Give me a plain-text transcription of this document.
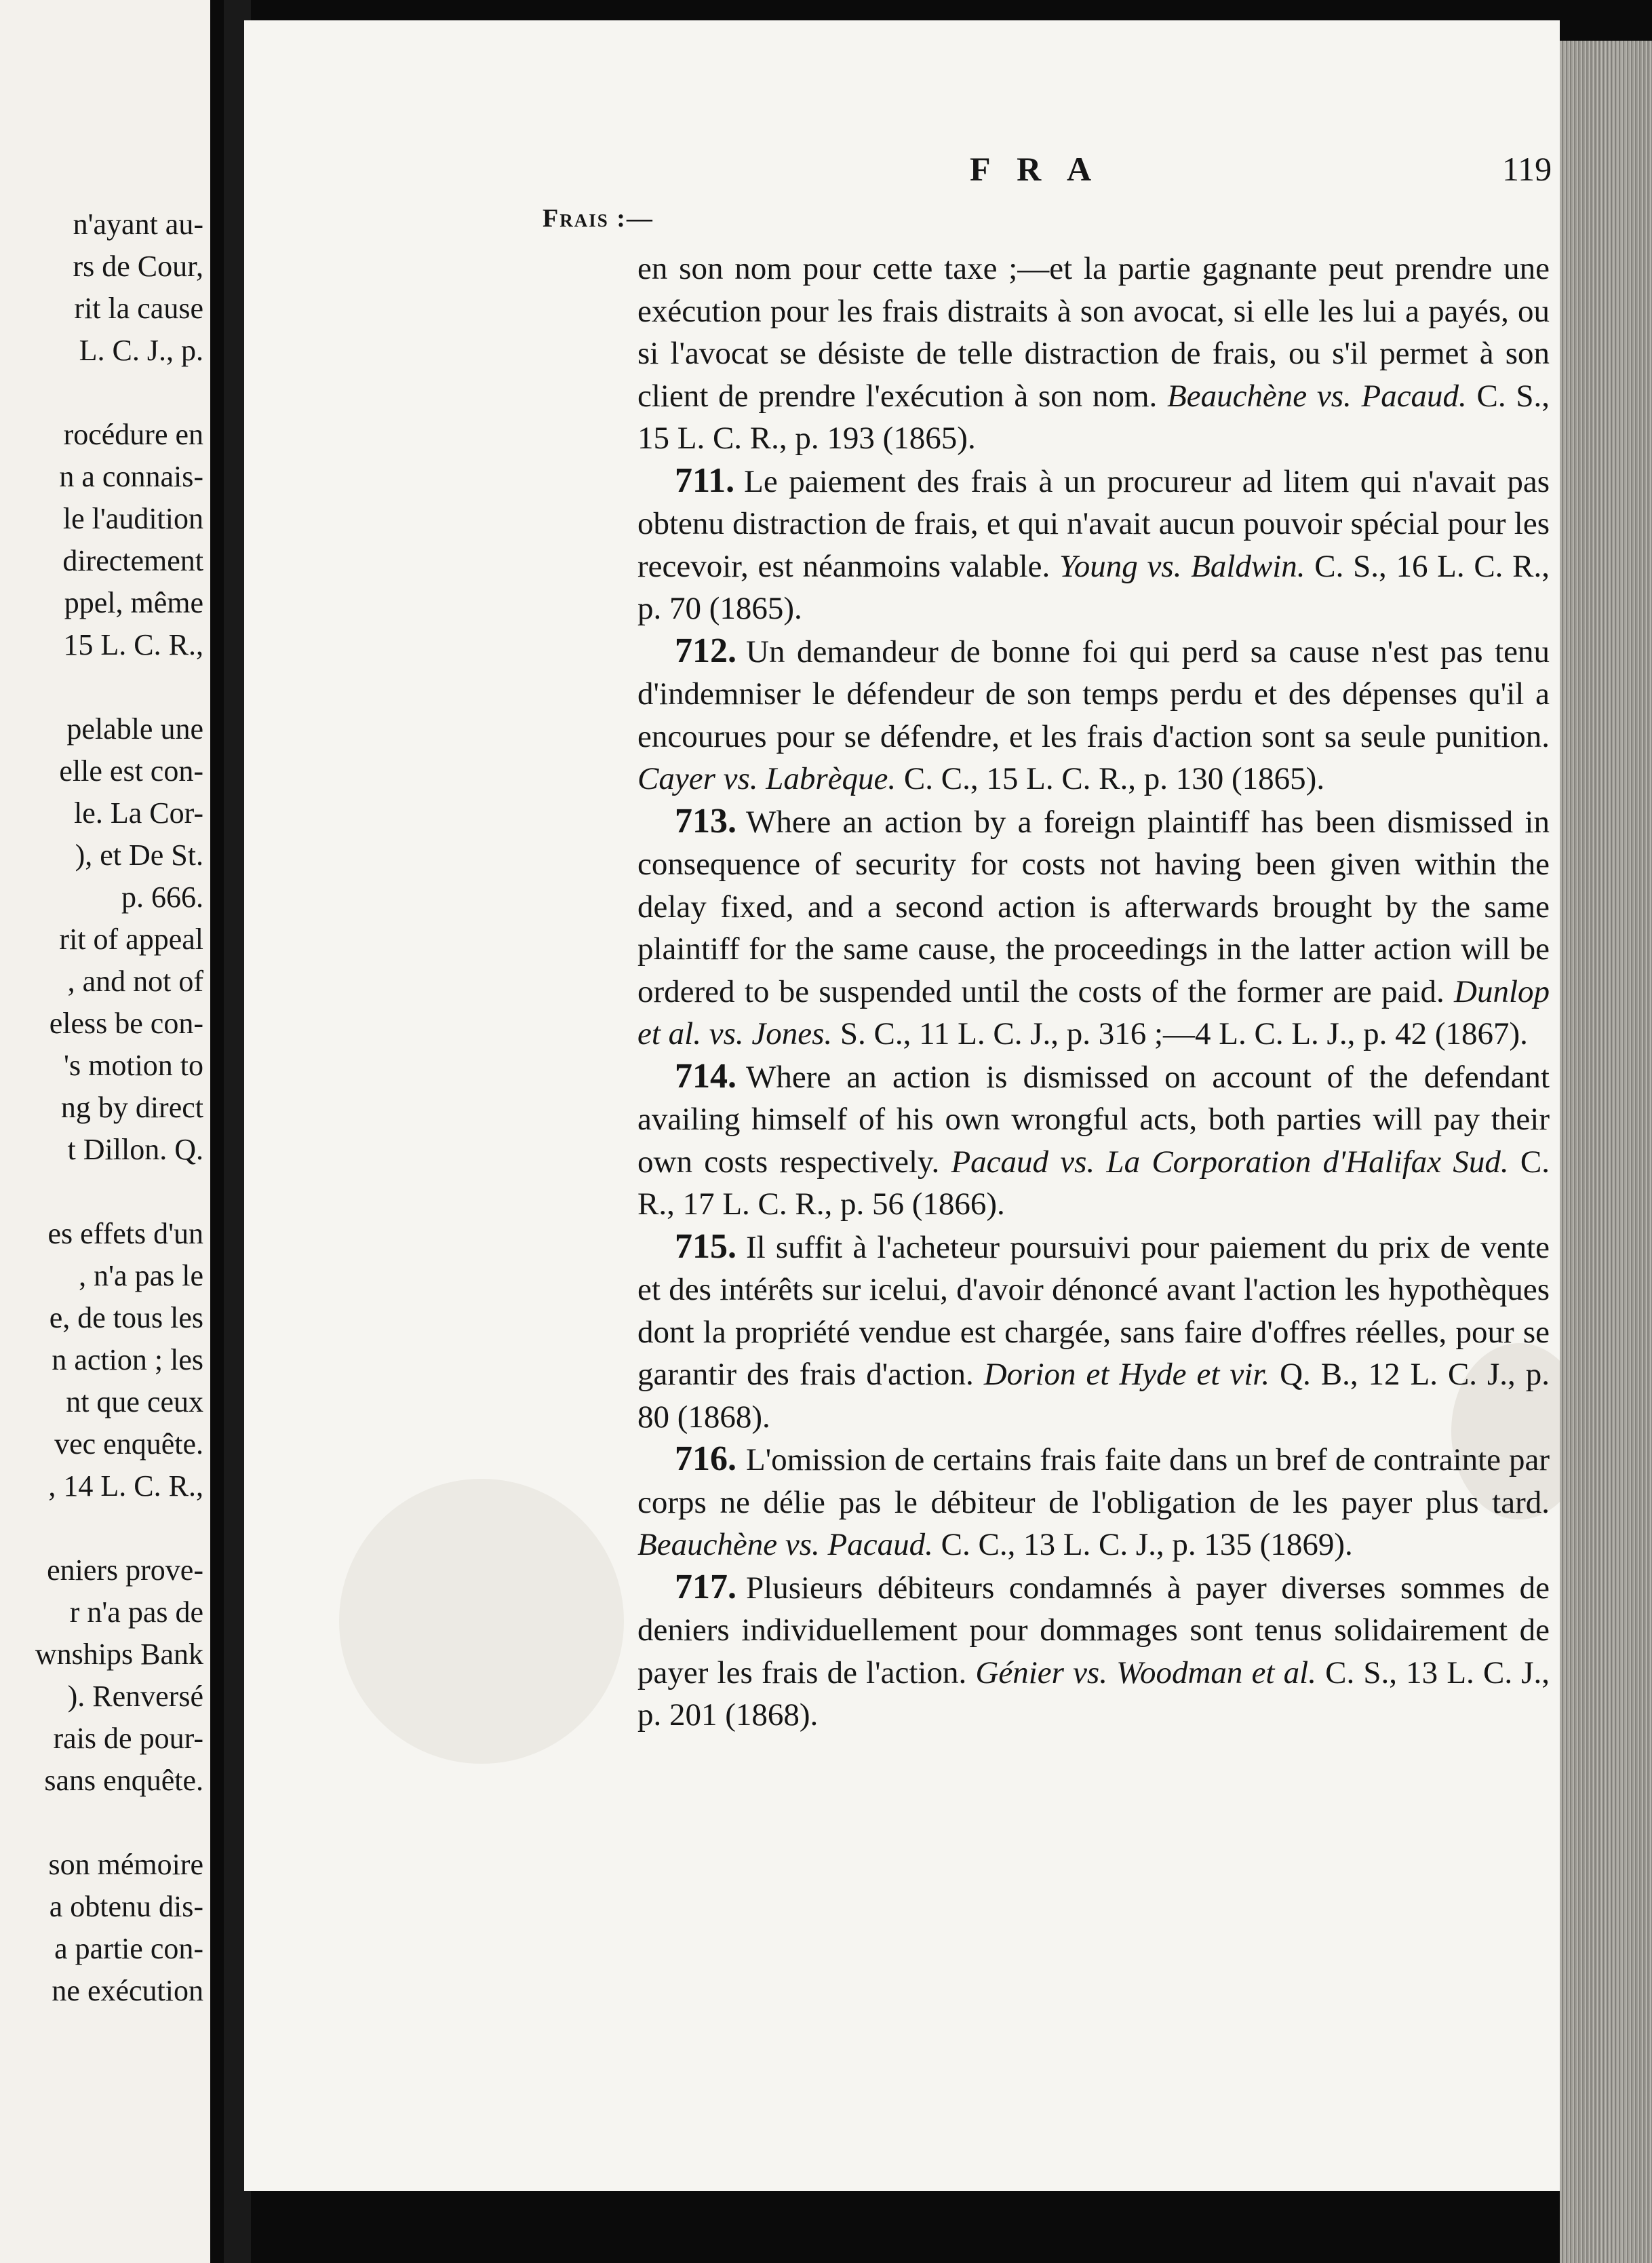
n'ayant au-
rs de Cour,
rit la cause
L. C. J., p.
rocédure en
n a connais-
le l'audition
directement
ppel, même
15 L. C. R.,
pelable une
elle est con-
le. La Cor-
), et De St.
p. 666.
rit of appeal
, and not of
eless be con-
's motion to
ng by direct
t Dillon. Q.
es effets d'un
, n'a pas le
e, de tous les
n action ; les
nt que ceux
vec enquête.
, 14 L. C. R.,
eniers prove-
r n'a pas de
wnships Bank
). Renversé
rais de pour-
sans enquête.
son mémoire
a obtenu dis-
a partie con-
ne exécution
F R A	119
Frais :—
en son nom pour cette taxe ;—et la partie gagnante peut prendre une exécution pour les frais distraits à son avocat, si elle les lui a payés, ou si l'avocat se désiste de telle distraction de frais, ou s'il permet à son client de prendre l'exécution à son nom. Beauchène vs. Pacaud. C. S., 15 L. C. R., p. 193 (1865).
711. Le paiement des frais à un procureur ad litem qui n'avait pas obtenu distraction de frais, et qui n'avait aucun pouvoir spécial pour les recevoir, est néanmoins valable. Young vs. Baldwin. C. S., 16 L. C. R., p. 70 (1865).
712. Un demandeur de bonne foi qui perd sa cause n'est pas tenu d'indemniser le défendeur de son temps perdu et des dépenses qu'il a encourues pour se défendre, et les frais d'action sont sa seule punition. Cayer vs. Labrèque. C. C., 15 L. C. R., p. 130 (1865).
713. Where an action by a foreign plaintiff has been dismissed in consequence of security for costs not having been given within the delay fixed, and a second action is afterwards brought by the same plaintiff for the same cause, the proceedings in the latter action will be ordered to be suspended until the costs of the former are paid. Dunlop et al. vs. Jones. S. C., 11 L. C. J., p. 316 ;—4 L. C. L. J., p. 42 (1867).
714. Where an action is dismissed on account of the defendant availing himself of his own wrongful acts, both parties will pay their own costs respectively. Pacaud vs. La Corporation d'Halifax Sud. C. R., 17 L. C. R., p. 56 (1866).
715. Il suffit à l'acheteur poursuivi pour paiement du prix de vente et des intérêts sur icelui, d'avoir dénoncé avant l'action les hypothèques dont la propriété vendue est chargée, sans faire d'offres réelles, pour se garantir des frais d'action. Dorion et Hyde et vir. Q. B., 12 L. C. J., p. 80 (1868).
716. L'omission de certains frais faite dans un bref de contrainte par corps ne délie pas le débiteur de l'obligation de les payer plus tard. Beauchène vs. Pacaud. C. C., 13 L. C. J., p. 135 (1869).
717. Plusieurs débiteurs condamnés à payer diverses sommes de deniers individuellement pour dommages sont tenus solidairement de payer les frais de l'action. Génier vs. Woodman et al. C. S., 13 L. C. J., p. 201 (1868).
